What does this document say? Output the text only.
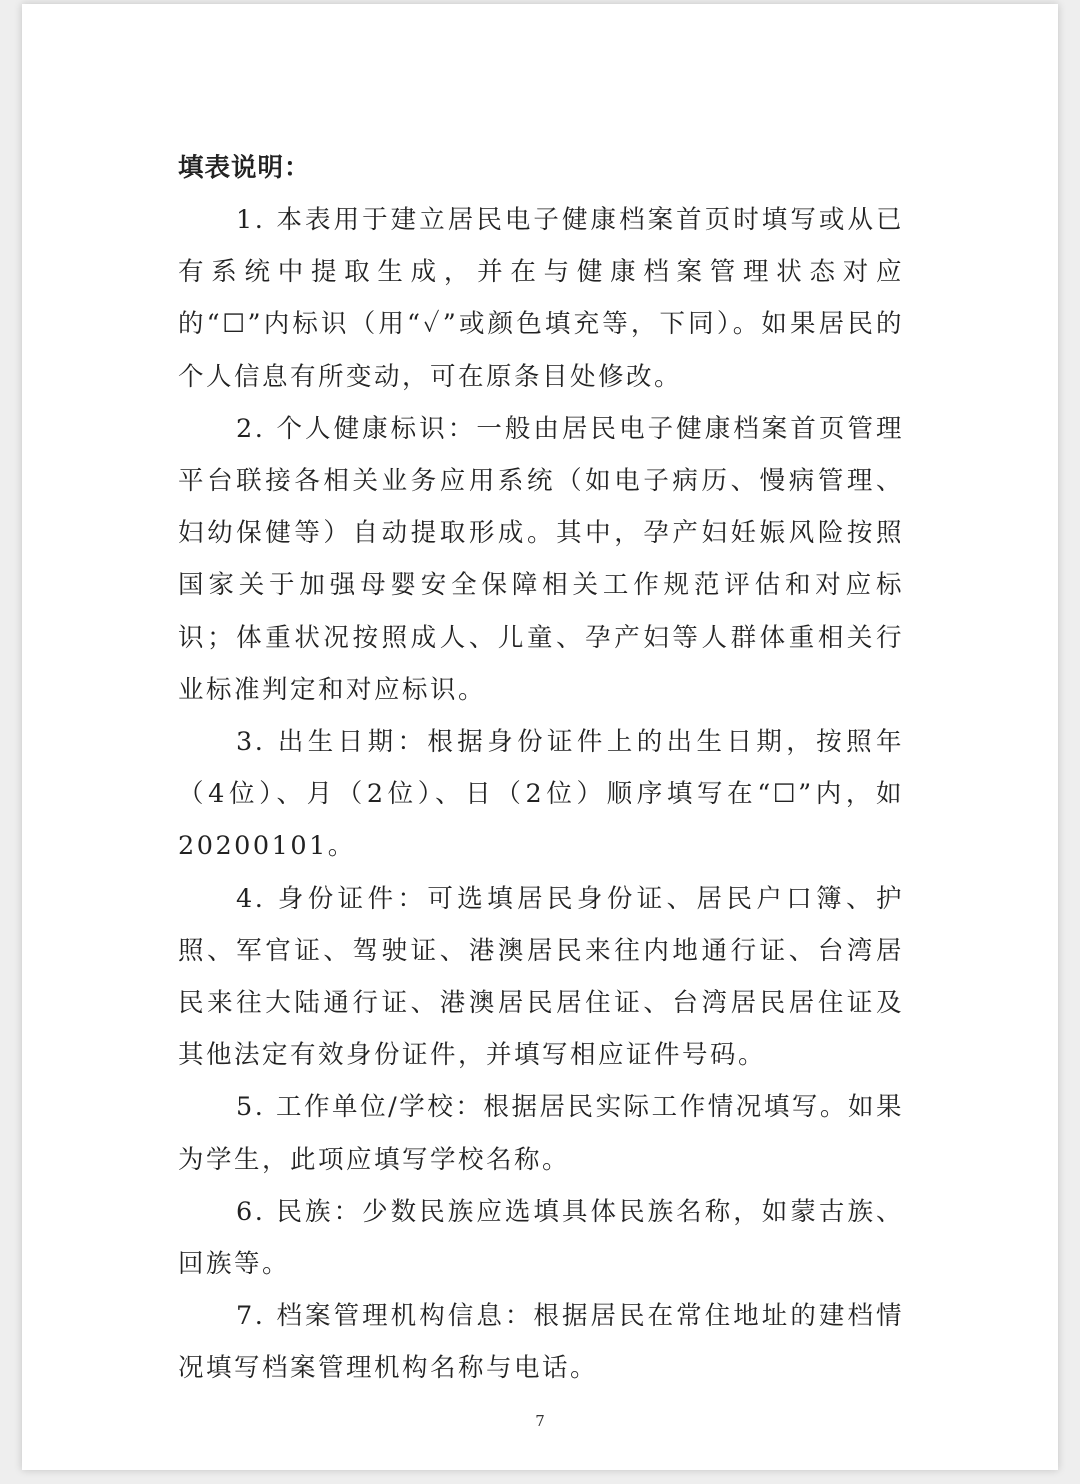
填表说明：

1. 本表用于建立居民电子健康档案首页时填写或从已有系统中提取生成，并在与健康档案管理状态对应的“☐”内标识（用“✓”或颜色填充等，下同）。如果居民的个人信息有所变动，可在原条目处修改。

2. 个人健康标识：一般由居民电子健康档案首页管理平台联接各相关业务应用系统（如电子病历、慢病管理、妇幼保健等）自动提取形成。其中，孕产妇妊娠风险按照国家关于加强母婴安全保障相关工作规范评估和对应标识；体重状况按照成人、儿童、孕产妇等人群体重相关行业标准判定和对应标识。

3. 出生日期：根据身份证件上的出生日期，按照年（4位）、月（2位）、日（2位）顺序填写在“☐”内，如20200101。

4. 身份证件：可选填居民身份证、居民户口簿、护照、军官证、驾驶证、港澳居民来往内地通行证、台湾居民来往大陆通行证、港澳居民居住证、台湾居民居住证及其他法定有效身份证件，并填写相应证件号码。

5. 工作单位/学校：根据居民实际工作情况填写。如果为学生，此项应填写学校名称。

6. 民族：少数民族应选填具体民族名称，如蒙古族、回族等。

7. 档案管理机构信息：根据居民在常住地址的建档情况填写档案管理机构名称与电话。

7
